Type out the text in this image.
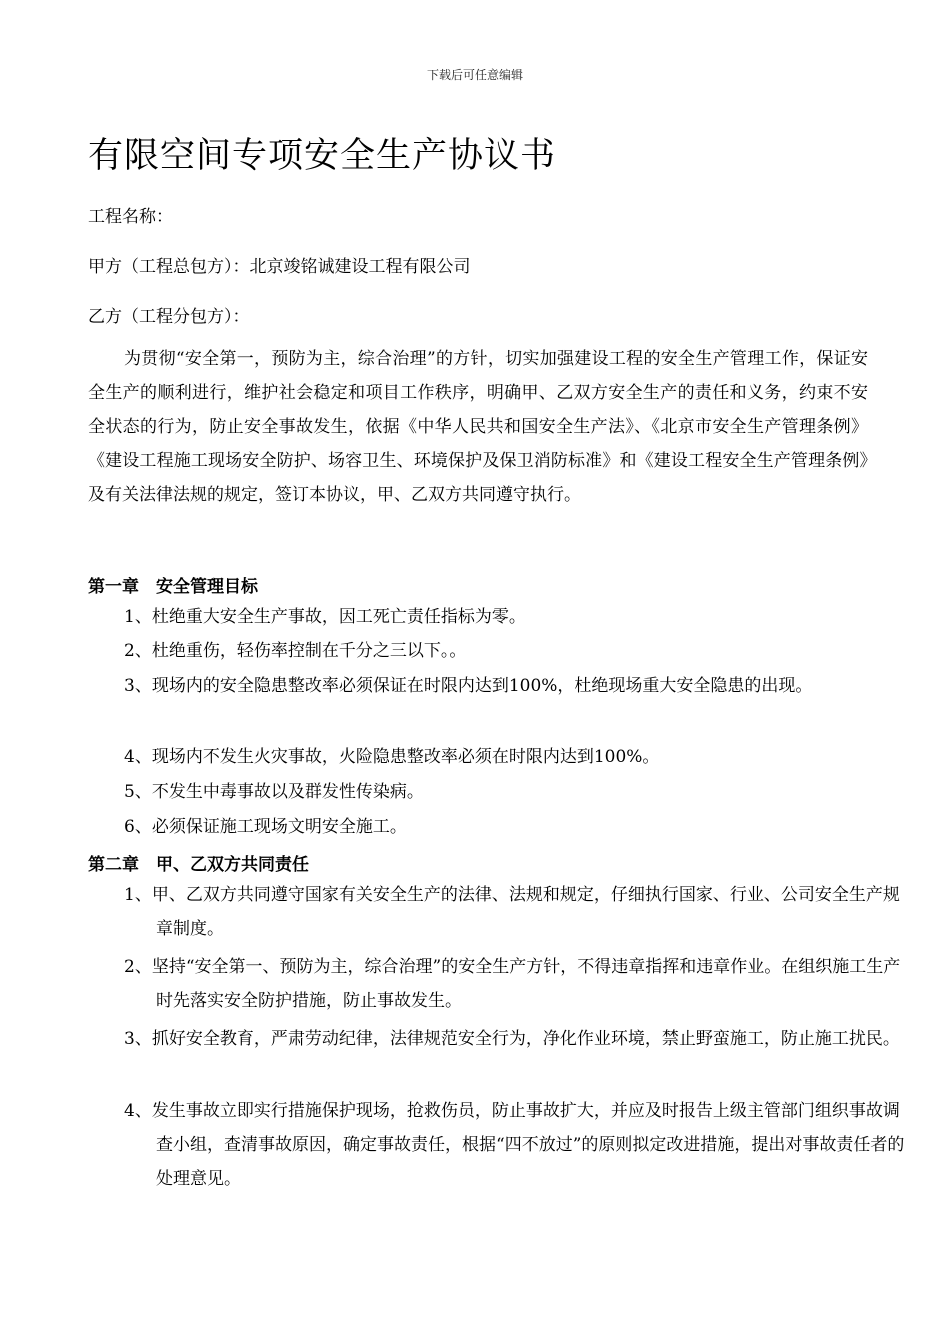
下载后可任意编辑
有限空间专项安全生产协议书
工程名称：
甲方（工程总包方）：北京竣铭诚建设工程有限公司
乙方（工程分包方）：
为贯彻“安全第一，预防为主，综合治理”的方针，切实加强建设工程的安全生产管理工作，保证安全生产的顺利进行，维护社会稳定和项目工作秩序，明确甲、乙双方安全生产的责任和义务，约束不安全状态的行为，防止安全事故发生，依据《中华人民共和国安全生产法》、《北京市安全生产管理条例》《建设工程施工现场安全防护、场容卫生、环境保护及保卫消防标准》和《建设工程安全生产管理条例》及有关法律法规的规定，签订本协议，甲、乙双方共同遵守执行。
第一章　安全管理目标
1、杜绝重大安全生产事故，因工死亡责任指标为零。
2、杜绝重伤，轻伤率控制在千分之三以下。。
3、现场内的安全隐患整改率必须保证在时限内达到100%，杜绝现场重大安全隐患的出现。
4、现场内不发生火灾事故，火险隐患整改率必须在时限内达到100%。
5、不发生中毒事故以及群发性传染病。
6、必须保证施工现场文明安全施工。
第二章　甲、乙双方共同责任
1、甲、乙双方共同遵守国家有关安全生产的法律、法规和规定，仔细执行国家、行业、公司安全生产规章制度。
2、坚持“安全第一、预防为主，综合治理”的安全生产方针，不得违章指挥和违章作业。在组织施工生产时先落实安全防护措施，防止事故发生。
3、抓好安全教育，严肃劳动纪律，法律规范安全行为，净化作业环境，禁止野蛮施工，防止施工扰民。
4、发生事故立即实行措施保护现场，抢救伤员，防止事故扩大，并应及时报告上级主管部门组织事故调查小组，查清事故原因，确定事故责任，根据“四不放过”的原则拟定改进措施，提出对事故责任者的处理意见。
